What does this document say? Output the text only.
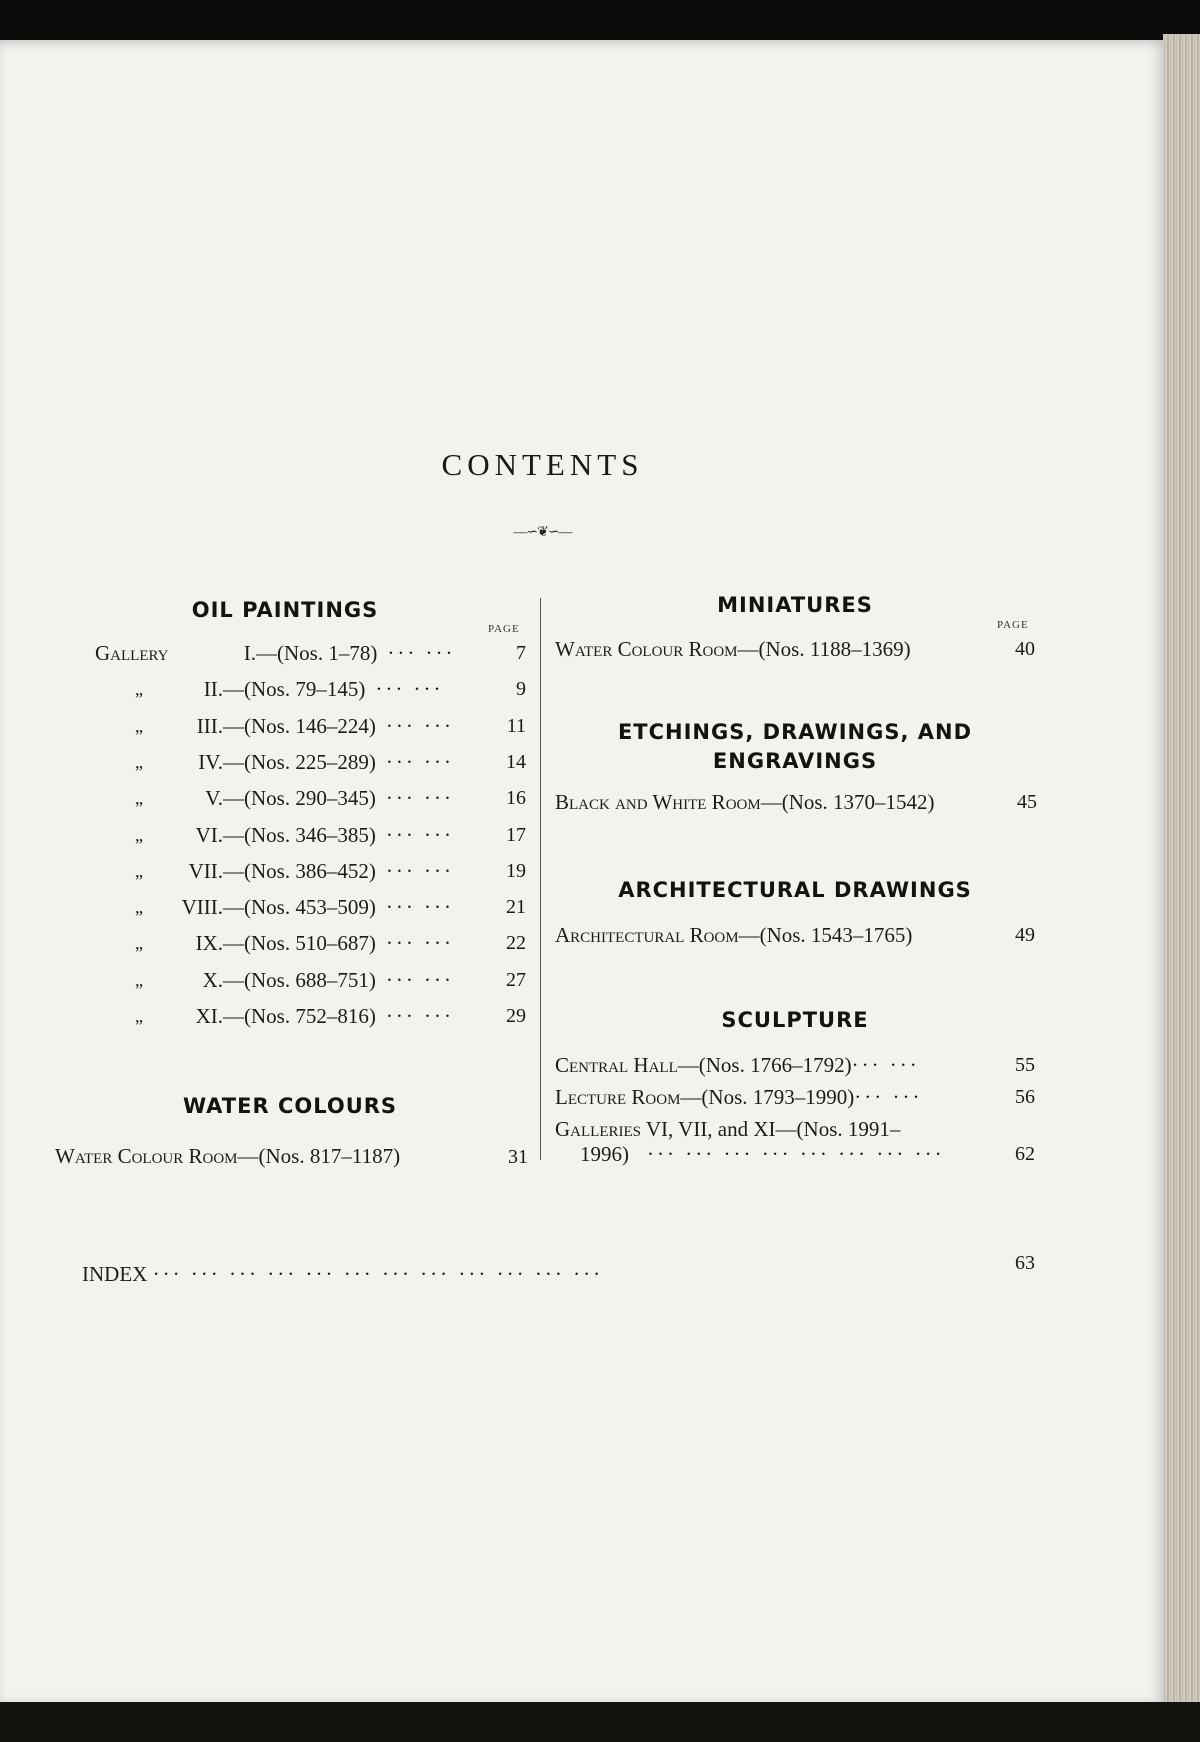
CONTENTS
—∽❦∽—
OIL PAINTINGS
PAGE
Gallery	I.—(Nos. 1–78) ··· ···	7
„	II.—(Nos. 79–145) ··· ···	9
„	III.—(Nos. 146–224) ··· ···	11
„	IV.—(Nos. 225–289) ··· ···	14
„	V.—(Nos. 290–345) ··· ···	16
„	VI.—(Nos. 346–385) ··· ···	17
„	VII.—(Nos. 386–452) ··· ···	19
„	VIII.—(Nos. 453–509) ··· ···	21
„	IX.—(Nos. 510–687) ··· ···	22
„	X.—(Nos. 688–751) ··· ···	27
„	XI.—(Nos. 752–816) ··· ···	29
WATER COLOURS
Water Colour Room—(Nos. 817–1187)	31
MINIATURES
PAGE
Water Colour Room—(Nos. 1188–1369)	40
ETCHINGS, DRAWINGS, AND
ENGRAVINGS
Black and White Room—(Nos. 1370–1542)	45
ARCHITECTURAL DRAWINGS
Architectural Room—(Nos. 1543–1765)	49
SCULPTURE
Central Hall—(Nos. 1766–1792)··· ···	55
Lecture Room—(Nos. 1793–1990)··· ···	56
Galleries VI, VII, and XI—(Nos. 1991–
1996) ··· ··· ··· ··· ··· ··· ··· ···	62
INDEX ··· ··· ··· ··· ··· ··· ··· ··· ··· ··· ··· ···	63
